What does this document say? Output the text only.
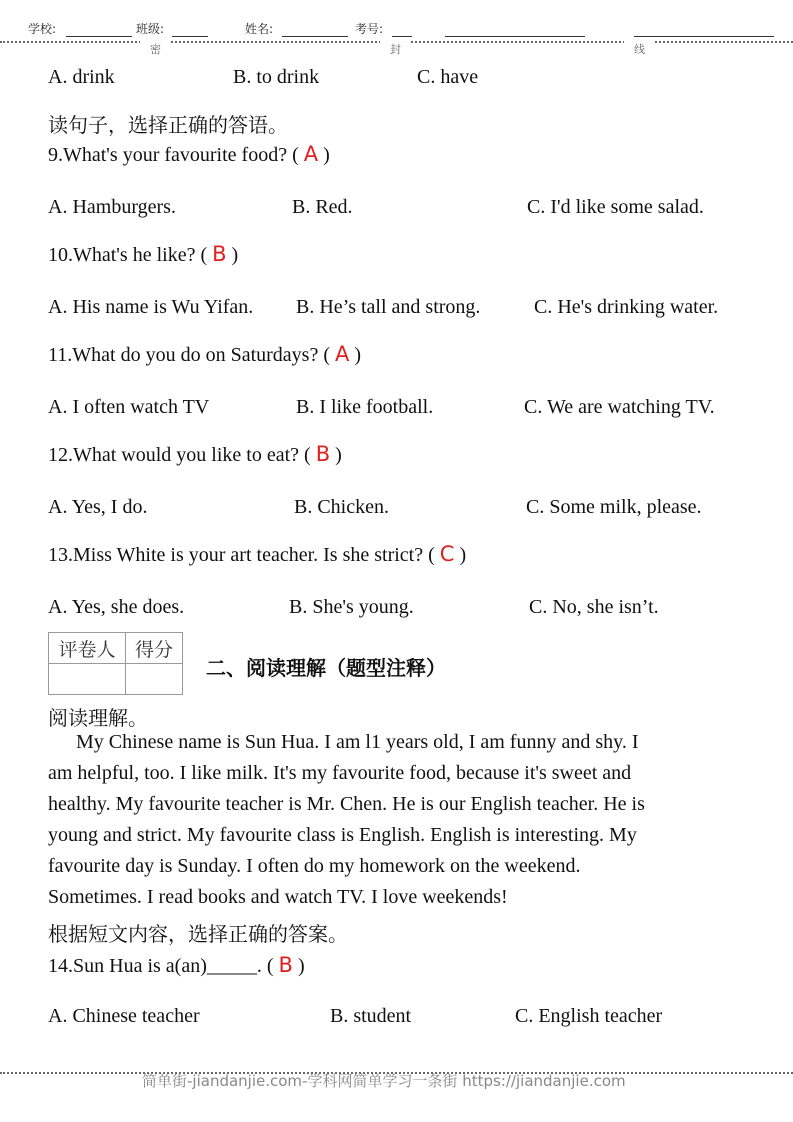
学校:	班级:	姓名:	考号:
密	封	线
A. drink	B. to drink	C. have
读句子，选择正确的答语。
9.What's your favourite food? ( A )
A. Hamburgers.	B. Red.	C. I'd like some salad.
10.What's he like? ( B )
A. His name is Wu Yifan. B. He’s tall and strong.	C. He's drinking water.
11.What do you do on Saturdays? ( A )
A. I often watch TV	B. I like football.	C. We are watching TV.
12.What would you like to eat? ( B )
A. Yes, I do.	B. Chicken.	C. Some milk, please.
13.Miss White is your art teacher. Is she strict? ( C )
A. Yes, she does.	B. She's young.	C. No, she isn’t.
评卷人	得分

二、阅读理解（题型注释）
阅读理解。
My Chinese name is Sun Hua. I am l1 years old, I am funny and shy. I
am helpful, too. I like milk. It's my favourite food, because it's sweet and
healthy. My favourite teacher is Mr. Chen. He is our English teacher. He is
young and strict. My favourite class is English. English is interesting. My
favourite day is Sunday. I often do my homework on the weekend.
Sometimes. I read books and watch TV. I love weekends!
根据短文内容，选择正确的答案。
14.Sun Hua is a(an)_____. ( B )
A. Chinese teacher	B. student	C. English teacher
简单街-jiandanjie.com-学科网简单学习一条街 https://jiandanjie.com
